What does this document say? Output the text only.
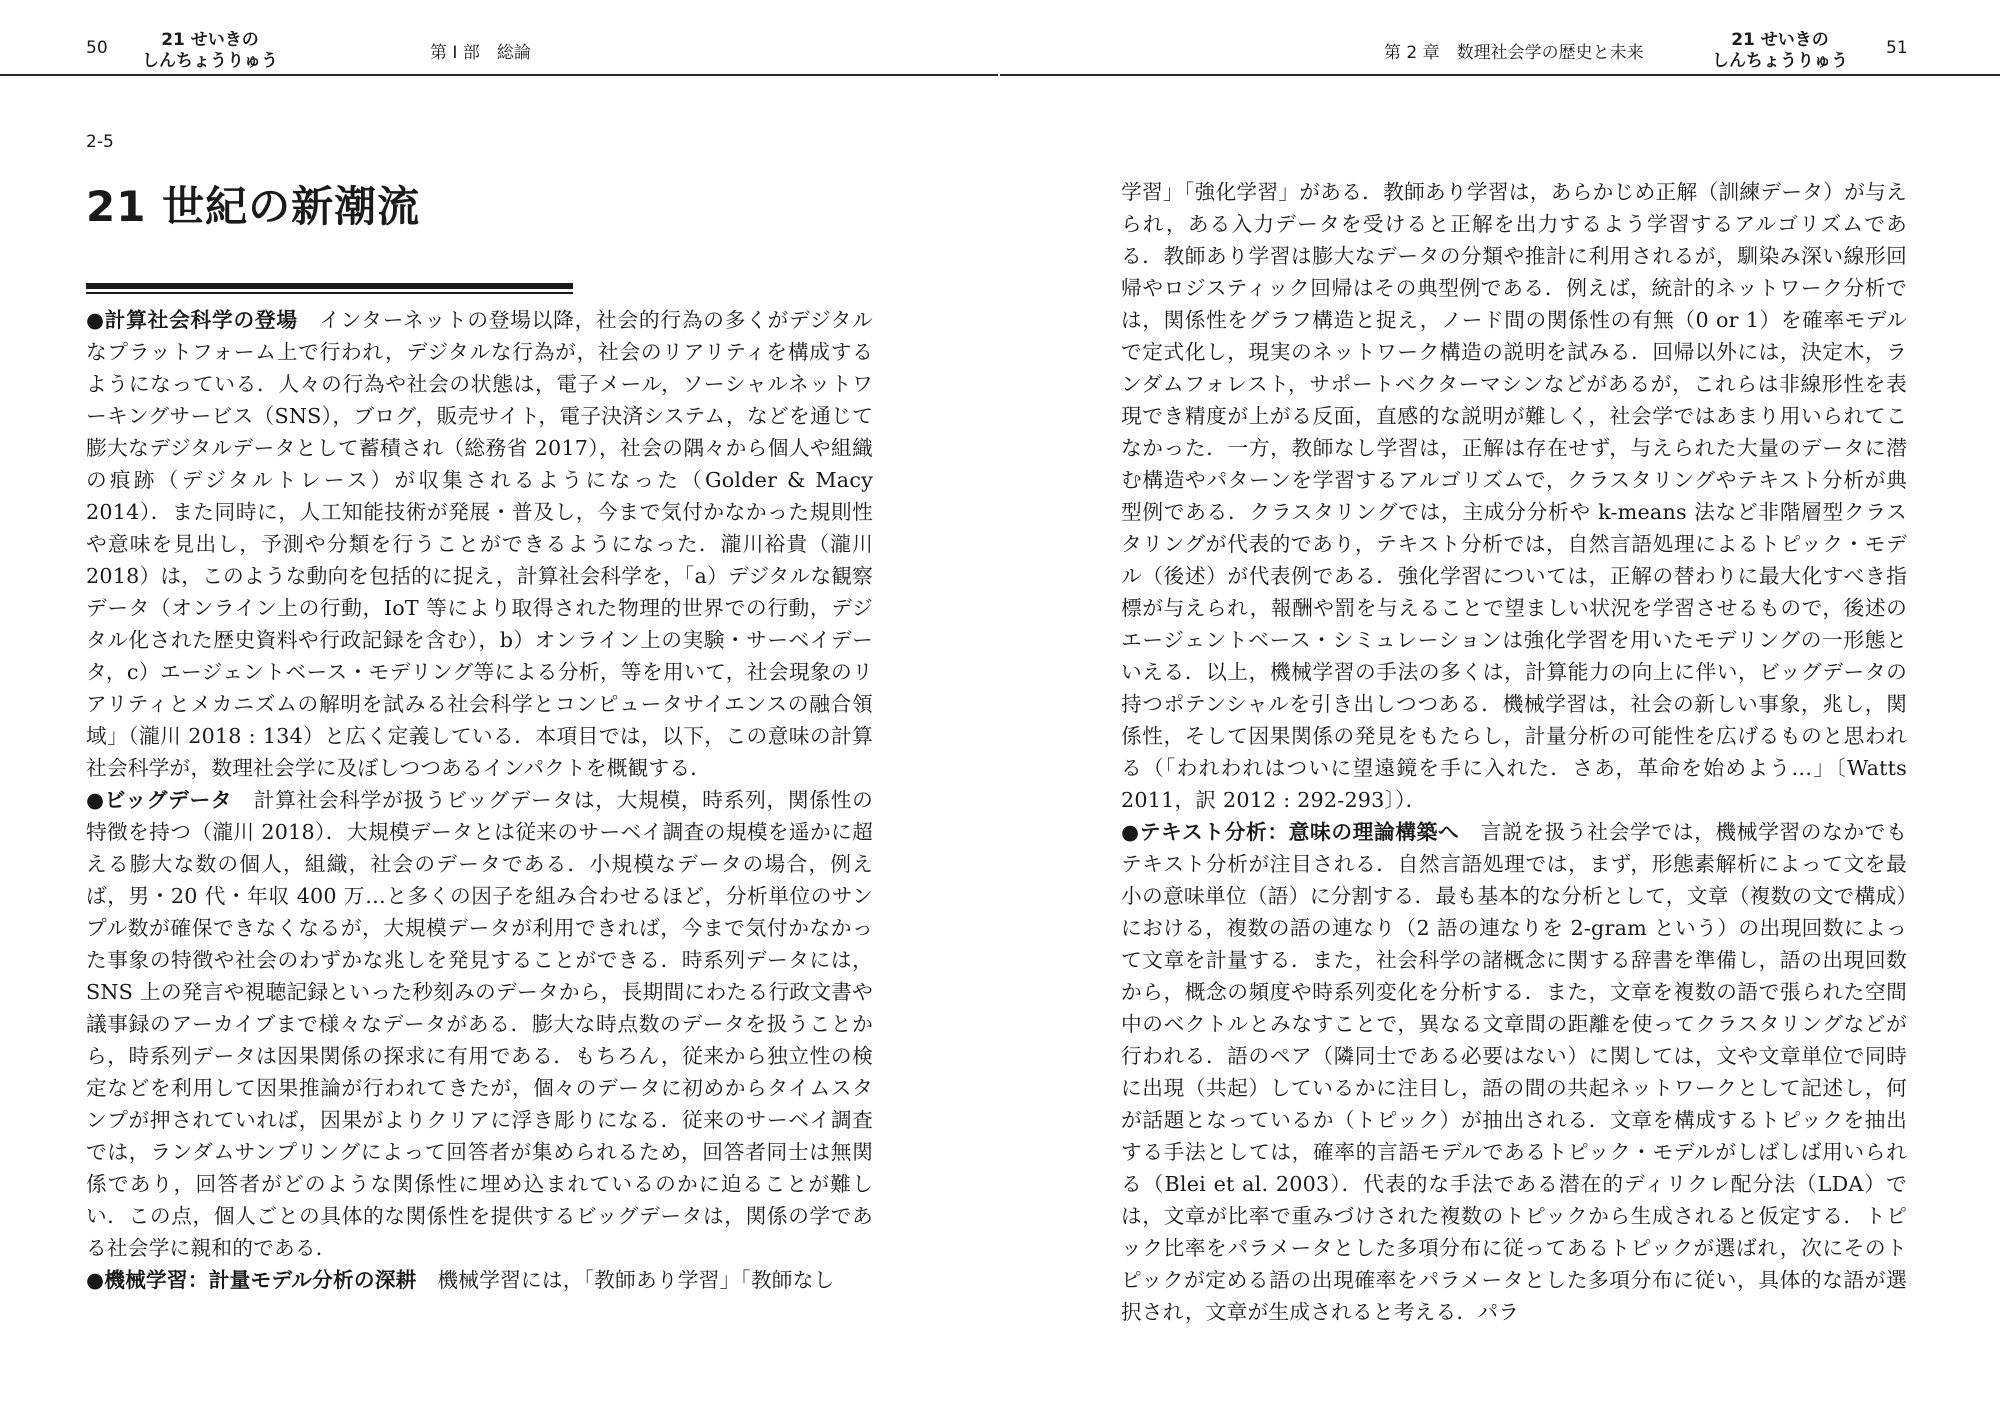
50	21 せいきの
しんちょうりゅう	第 I 部　総論	第 2 章　数理社会学の歴史と未来
21 せいきの
しんちょうりゅう
51
2-5
21 世紀の新潮流

●計算社会科学の登場　インターネットの登場以降，社会的行為の多くがデジタルなプラットフォーム上で行われ，デジタルな行為が，社会のリアリティを構成するようになっている．人々の行為や社会の状態は，電子メール，ソーシャルネットワーキングサービス（SNS），ブログ，販売サイト，電子決済システム，などを通じて膨大なデジタルデータとして蓄積され（総務省 2017），社会の隅々から個人や組織の痕跡（デジタルトレース）が収集されるようになった（Golder & Macy 2014）．また同時に，人工知能技術が発展・普及し，今まで気付かなかった規則性や意味を見出し，予測や分類を行うことができるようになった．瀧川裕貴（瀧川 2018）は，このような動向を包括的に捉え，計算社会科学を，「a）デジタルな観察データ（オンライン上の行動，IoT 等により取得された物理的世界での行動，デジタル化された歴史資料や行政記録を含む），b）オンライン上の実験・サーベイデータ，c）エージェントベース・モデリング等による分析，等を用いて，社会現象のリアリティとメカニズムの解明を試みる社会科学とコンピュータサイエンスの融合領域」（瀧川 2018 : 134）と広く定義している．本項目では，以下，この意味の計算社会科学が，数理社会学に及ぼしつつあるインパクトを概観する．

●ビッグデータ　計算社会科学が扱うビッグデータは，大規模，時系列，関係性の特徴を持つ（瀧川 2018）．大規模データとは従来のサーベイ調査の規模を遥かに超える膨大な数の個人，組織，社会のデータである．小規模なデータの場合，例えば，男・20 代・年収 400 万…と多くの因子を組み合わせるほど，分析単位のサンプル数が確保できなくなるが，大規模データが利用できれば，今まで気付かなかった事象の特徴や社会のわずかな兆しを発見することができる．時系列データには，SNS 上の発言や視聴記録といった秒刻みのデータから，長期間にわたる行政文書や議事録のアーカイブまで様々なデータがある．膨大な時点数のデータを扱うことから，時系列データは因果関係の探求に有用である．もちろん，従来から独立性の検定などを利用して因果推論が行われてきたが，個々のデータに初めからタイムスタンプが押されていれば，因果がよりクリアに浮き彫りになる．従来のサーベイ調査では，ランダムサンプリングによって回答者が集められるため，回答者同士は無関係であり，回答者がどのような関係性に埋め込まれているのかに迫ることが難しい．この点，個人ごとの具体的な関係性を提供するビッグデータは，関係の学である社会学に親和的である．

●機械学習：計量モデル分析の深耕　機械学習には，「教師あり学習」「教師なし

学習」「強化学習」がある．教師あり学習は，あらかじめ正解（訓練データ）が与えられ，ある入力データを受けると正解を出力するよう学習するアルゴリズムである．教師あり学習は膨大なデータの分類や推計に利用されるが，馴染み深い線形回帰やロジスティック回帰はその典型例である．例えば，統計的ネットワーク分析では，関係性をグラフ構造と捉え，ノード間の関係性の有無（0 or 1）を確率モデルで定式化し，現実のネットワーク構造の説明を試みる．回帰以外には，決定木，ランダムフォレスト，サポートベクターマシンなどがあるが，これらは非線形性を表現でき精度が上がる反面，直感的な説明が難しく，社会学ではあまり用いられてこなかった．一方，教師なし学習は，正解は存在せず，与えられた大量のデータに潜む構造やパターンを学習するアルゴリズムで，クラスタリングやテキスト分析が典型例である．クラスタリングでは，主成分分析や k-means 法など非階層型クラスタリングが代表的であり，テキスト分析では，自然言語処理によるトピック・モデル（後述）が代表例である．強化学習については，正解の替わりに最大化すべき指標が与えられ，報酬や罰を与えることで望ましい状況を学習させるもので，後述のエージェントベース・シミュレーションは強化学習を用いたモデリングの一形態といえる．以上，機械学習の手法の多くは，計算能力の向上に伴い，ビッグデータの持つポテンシャルを引き出しつつある．機械学習は，社会の新しい事象，兆し，関係性，そして因果関係の発見をもたらし，計量分析の可能性を広げるものと思われる（「われわれはついに望遠鏡を手に入れた．さあ，革命を始めよう…」〔Watts 2011，訳 2012 : 292-293〕）．

●テキスト分析：意味の理論構築へ　言説を扱う社会学では，機械学習のなかでもテキスト分析が注目される．自然言語処理では，まず，形態素解析によって文を最小の意味単位（語）に分割する．最も基本的な分析として，文章（複数の文で構成）における，複数の語の連なり（2 語の連なりを 2-gram という）の出現回数によって文章を計量する．また，社会科学の諸概念に関する辞書を準備し，語の出現回数から，概念の頻度や時系列変化を分析する．また，文章を複数の語で張られた空間中のベクトルとみなすことで，異なる文章間の距離を使ってクラスタリングなどが行われる．語のペア（隣同士である必要はない）に関しては，文や文章単位で同時に出現（共起）しているかに注目し，語の間の共起ネットワークとして記述し，何が話題となっているか（トピック）が抽出される．文章を構成するトピックを抽出する手法としては，確率的言語モデルであるトピック・モデルがしばしば用いられる（Blei et al. 2003）．代表的な手法である潜在的ディリクレ配分法（LDA）では，文章が比率で重みづけされた複数のトピックから生成されると仮定する．トピック比率をパラメータとした多項分布に従ってあるトピックが選ばれ，次にそのトピックが定める語の出現確率をパラメータとした多項分布に従い，具体的な語が選択され，文章が生成されると考える．パラ
